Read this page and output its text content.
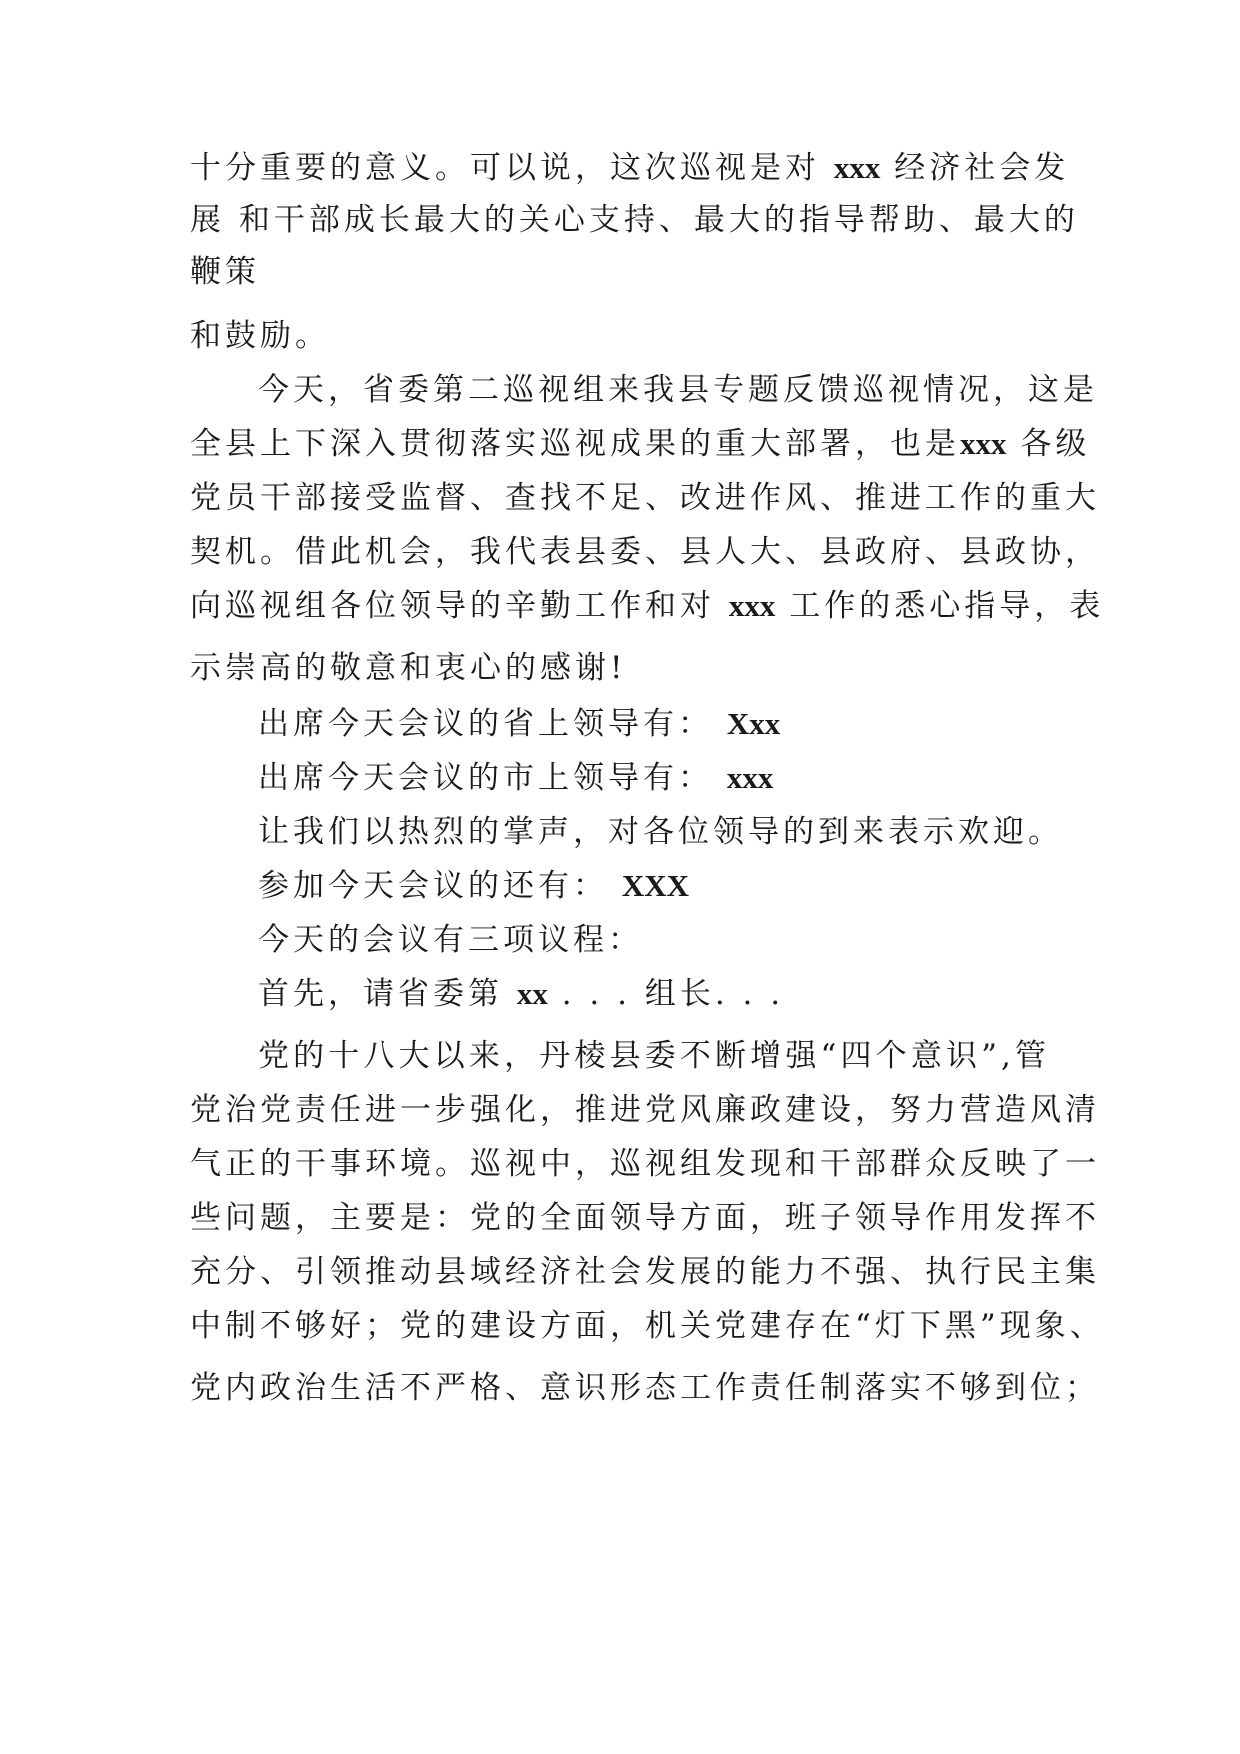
十分重要的意义。可以说，这次巡视是对 xxx 经济社会发
展 和干部成长最大的关心支持、最大的指导帮助、最大的
鞭策
和鼓励。
今天，省委第二巡视组来我县专题反馈巡视情况，这是
全县上下深入贯彻落实巡视成果的重大部署，也是xxx 各级
党员干部接受监督、查找不足、改进作风、推进工作的重大
契机。借此机会，我代表县委、县人大、县政府、县政协，
向巡视组各位领导的辛勤工作和对 xxx 工作的悉心指导，表
示崇高的敬意和衷心的感谢!
出席今天会议的省上领导有： Xxx
出席今天会议的市上领导有： xxx
让我们以热烈的掌声，对各位领导的到来表示欢迎。
参加今天会议的还有： XXX
今天的会议有三项议程：
首先，请省委第 xx . . . 组长. . .
党的十八大以来，丹棱县委不断增强“四个意识”,管
党治党责任进一步强化，推进党风廉政建设，努力营造风清
气正的干事环境。巡视中，巡视组发现和干部群众反映了一
些问题，主要是：党的全面领导方面，班子领导作用发挥不
充分、引领推动县域经济社会发展的能力不强、执行民主集
中制不够好；党的建设方面，机关党建存在“灯下黑”现象、
党内政治生活不严格、意识形态工作责任制落实不够到位；
